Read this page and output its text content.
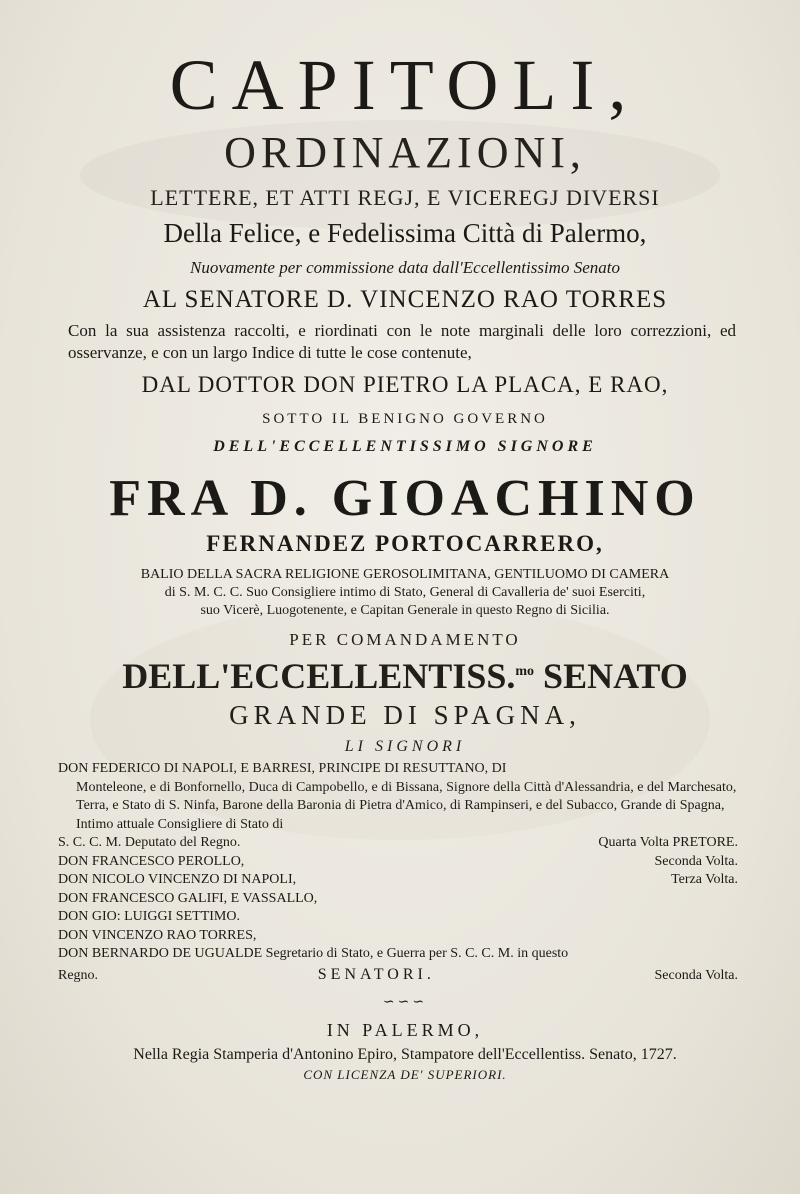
CAPITOLI,
ORDINAZIONI,
LETTERE, ET ATTI REGJ, E VICEREGJ DIVERSI
Della Felice, e Fedelissima Città di Palermo,
Nuovamente per commissione data dall'Eccellentissimo Senato
AL SENATORE D. VINCENZO RAO TORRES
Con la sua assistenza raccolti, e riordinati con le note marginali delle loro correzzioni, ed osservanze, e con un largo Indice di tutte le cose contenute,
DAL DOTTOR DON PIETRO LA PLACA, E RAO,
SOTTO IL BENIGNO GOVERNO
DELL'ECCELLENTISSIMO SIGNORE
FRA D. GIOACHINO
FERNANDEZ PORTOCARRERO,
BALIO DELLA SACRA RELIGIONE GEROSOLIMITANA, GENTILUOMO DI CAMERA
di S. M. C. C. Suo Consigliere intimo di Stato, General di Cavalleria de' suoi Eserciti,
suo Vicerè, Luogotenente, e Capitan Generale in questo Regno di Sicilia.
PER COMANDAMENTO
DELL'ECCELLENTISS.$^{mo}$ SENATO
GRANDE DI SPAGNA,
LI SIGNORI
DON FEDERICO DI NAPOLI, E BARRESI, PRINCIPE DI RESUTTANO, DI
Monteleone, e di Bonfornello, Duca di Campobello, e di Bissana, Signore della Città d'Alessandria, e del Marchesato, Terra, e Stato di S. Ninfa, Barone della Baronia di Pietra d'Amico, di Rampinseri, e del Subacco, Grande di Spagna, Intimo attuale Consigliere di Stato di
S. C. C. M. Deputato del Regno.	Quarta Volta PRETORE.
DON FRANCESCO PEROLLO,	Seconda Volta.
DON NICOLO VINCENZO DI NAPOLI,	Terza Volta.
DON FRANCESCO GALIFI, E VASSALLO,
DON GIO: LUIGGI SETTIMO.
DON VINCENZO RAO TORRES,
DON BERNARDO DE UGUALDE Segretario di Stato, e Guerra per S. C. C. M. in questo
Regno.	SENATORI.	Seconda Volta.
∽∽∽
IN PALERMO,
Nella Regia Stamperia d'Antonino Epiro, Stampatore dell'Eccellentiss. Senato, 1727.
CON LICENZA DE' SUPERIORI.
